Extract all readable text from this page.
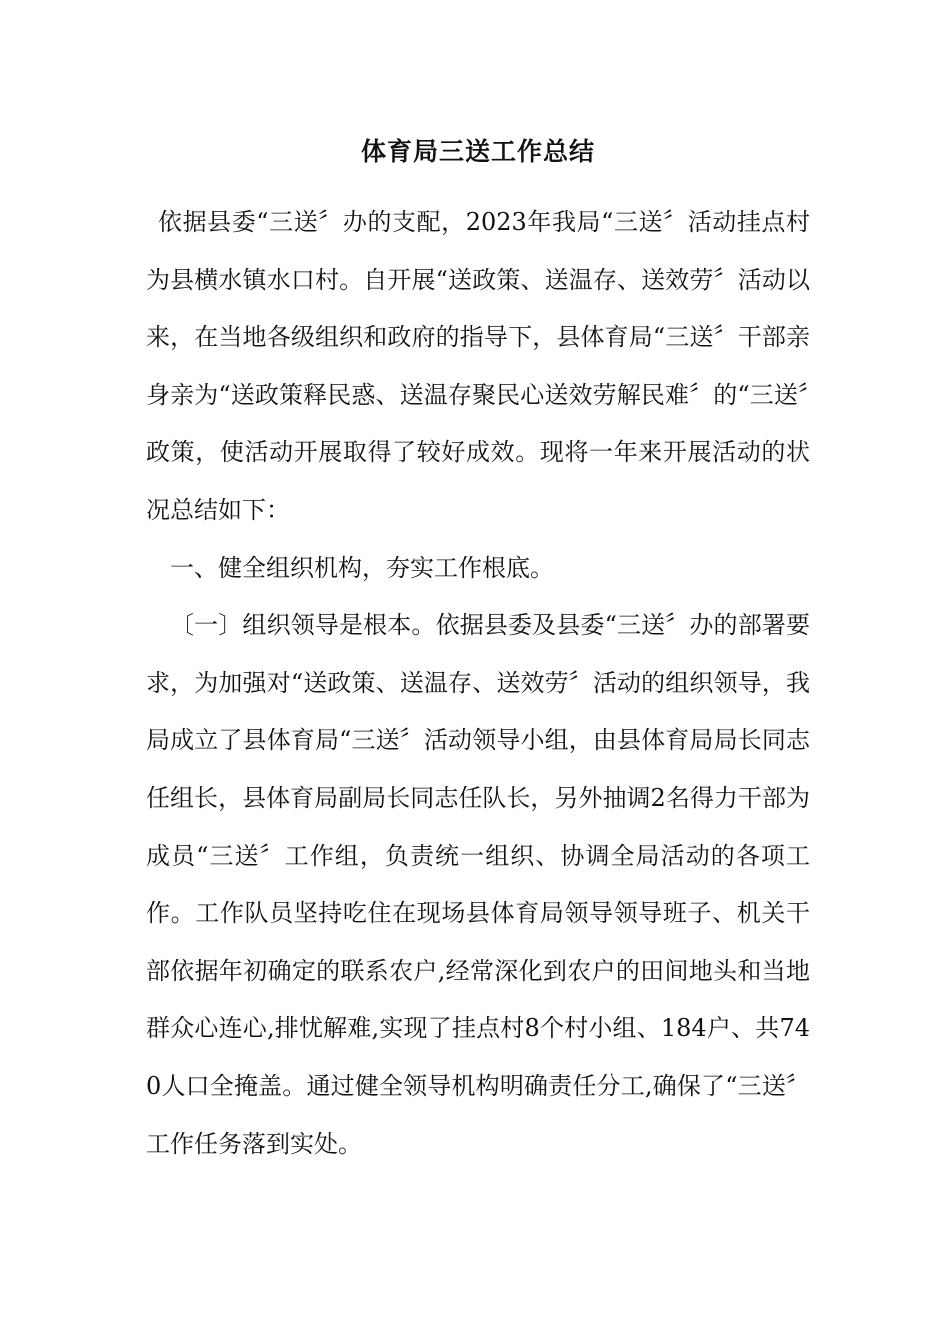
体育局三送工作总结

依据县委“三送〞办的支配，2023年我局“三送〞活动挂点村为县横水镇水口村。自开展“送政策、送温存、送效劳〞活动以来，在当地各级组织和政府的指导下，县体育局“三送〞干部亲身亲为“送政策释民惑、送温存聚民心送效劳解民难〞的“三送〞政策，使活动开展取得了较好成效。现将一年来开展活动的状况总结如下：

一、健全组织机构，夯实工作根底。

〔一〕组织领导是根本。依据县委及县委“三送〞办的部署要求，为加强对“送政策、送温存、送效劳〞活动的组织领导，我局成立了县体育局“三送〞活动领导小组，由县体育局局长同志任组长，县体育局副局长同志任队长，另外抽调2名得力干部为成员“三送〞工作组，负责统一组织、协调全局活动的各项工作。工作队员坚持吃住在现场县体育局领导领导班子、机关干部依据年初确定的联系农户,经常深化到农户的田间地头和当地群众心连心,排忧解难,实现了挂点村8个村小组、184户、共740人口全掩盖。通过健全领导机构明确责任分工,确保了“三送〞工作任务落到实处。
